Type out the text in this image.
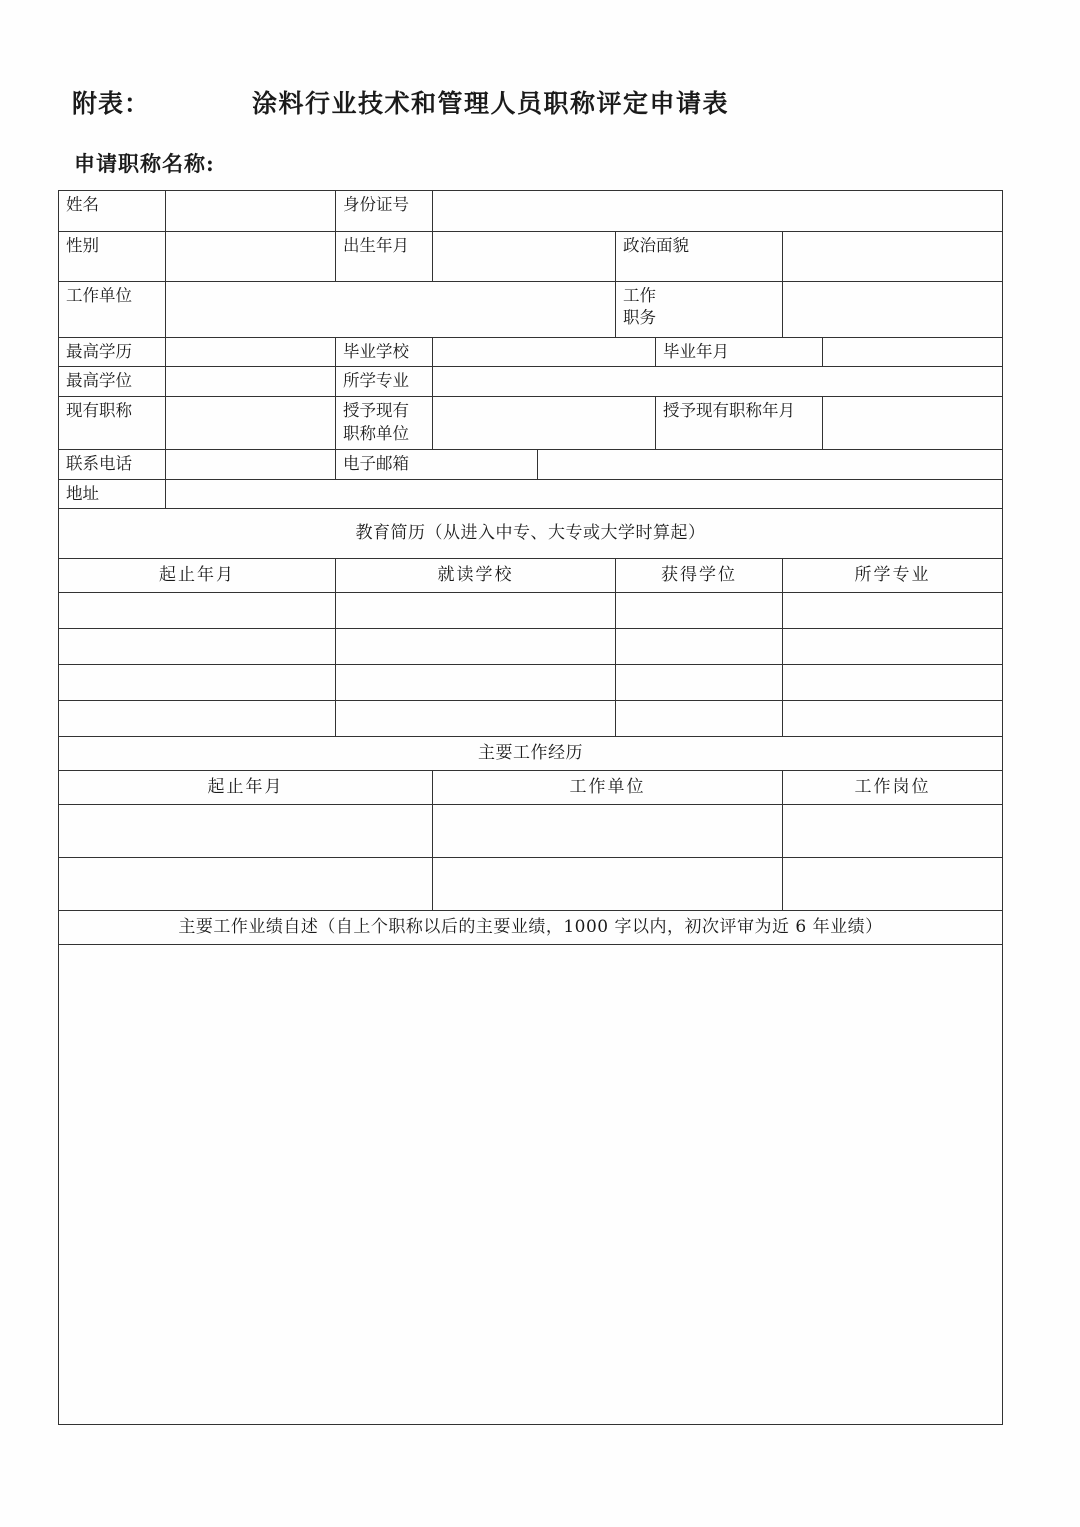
附表：	涂料行业技术和管理人员职称评定申请表
申请职称名称:
姓名		身份证号						
性别		出生年月			政治面貌			
工作单位					工作
职务			

最高学历		毕业学校				毕业年月		
最高学位		所学专业						
现有职称		授予现有
职称单位				授予现有职称年月		
联系电话		电子邮箱						
地址								
教育简历（从进入中专、大专或大学时算起）								
起止年月		就读学校			获得学位		所学专业	

主要工作经历								
起止年月			工作单位				工作岗位	

主要工作业绩自述（自上个职称以后的主要业绩，1000 字以内，初次评审为近 6 年业绩）								
